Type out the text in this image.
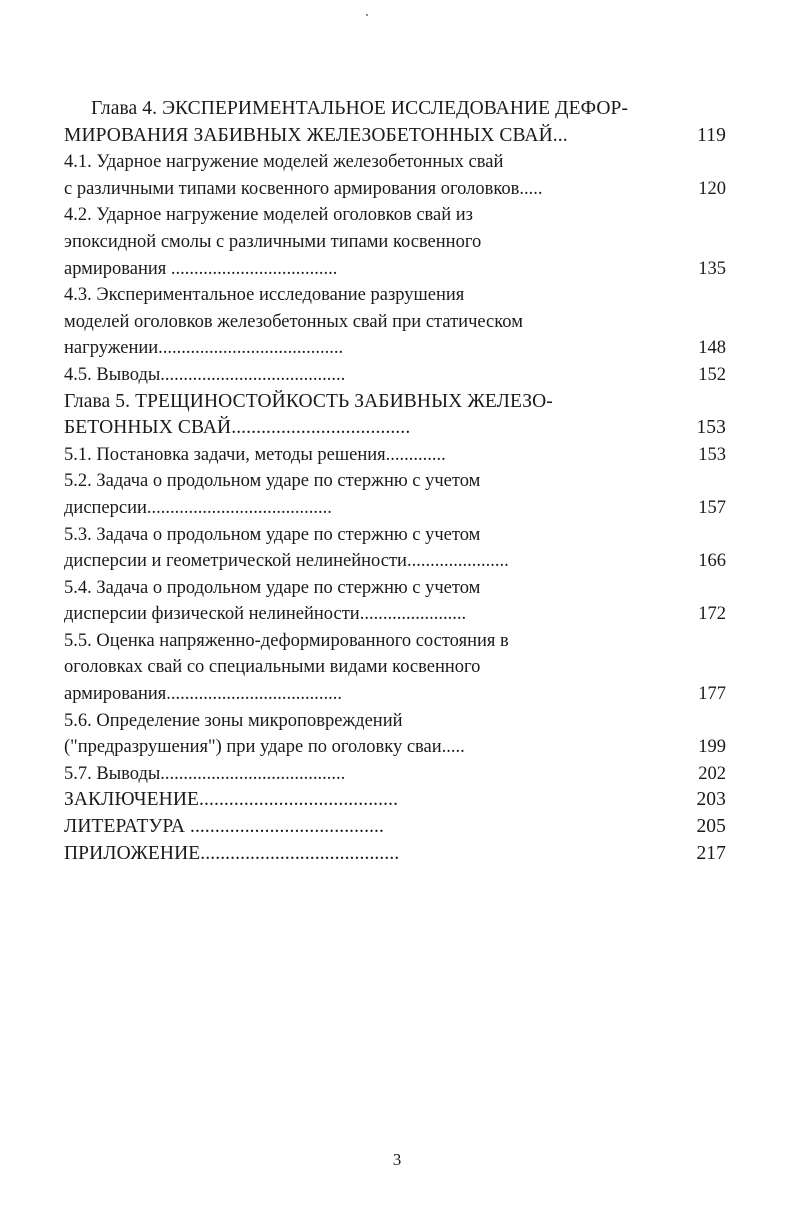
Глава 4. ЭКСПЕРИМЕНТАЛЬНОЕ ИССЛЕДОВАНИЕ ДЕФОР-
МИРОВАНИЯ ЗАБИВНЫХ ЖЕЛЕЗОБЕТОННЫХ СВАЙ...	119
4.1. Ударное нагружение моделей железобетонных свай
с различными типами косвенного армирования оголовков.....	120
4.2. Ударное нагружение моделей оголовков свай из
эпоксидной смолы с различными типами косвенного
армирования ....................................	135
4.3. Экспериментальное исследование разрушения
моделей оголовков железобетонных свай при статическом
нагружении........................................	148
4.5. Выводы........................................	152
Глава 5. ТРЕЩИНОСТОЙКОСТЬ ЗАБИВНЫХ ЖЕЛЕЗО-
БЕТОННЫХ СВАЙ....................................	153
5.1. Постановка задачи, методы решения.............	153
5.2. Задача о продольном ударе по стержню с учетом
дисперсии........................................	157
5.3. Задача о продольном ударе по стержню с учетом
дисперсии и геометрической нелинейности......................	166
5.4. Задача о продольном ударе по стержню с учетом
дисперсии физической нелинейности.......................	172
5.5. Оценка напряженно-деформированного состояния в
оголовках свай со специальными видами косвенного
армирования......................................	177
5.6. Определение зоны микроповреждений
("предразрушения") при ударе по оголовку сваи.....	199
5.7. Выводы........................................	202
ЗАКЛЮЧЕНИЕ........................................	203
ЛИТЕРАТУРА .......................................	205
ПРИЛОЖЕНИЕ........................................	217
3
